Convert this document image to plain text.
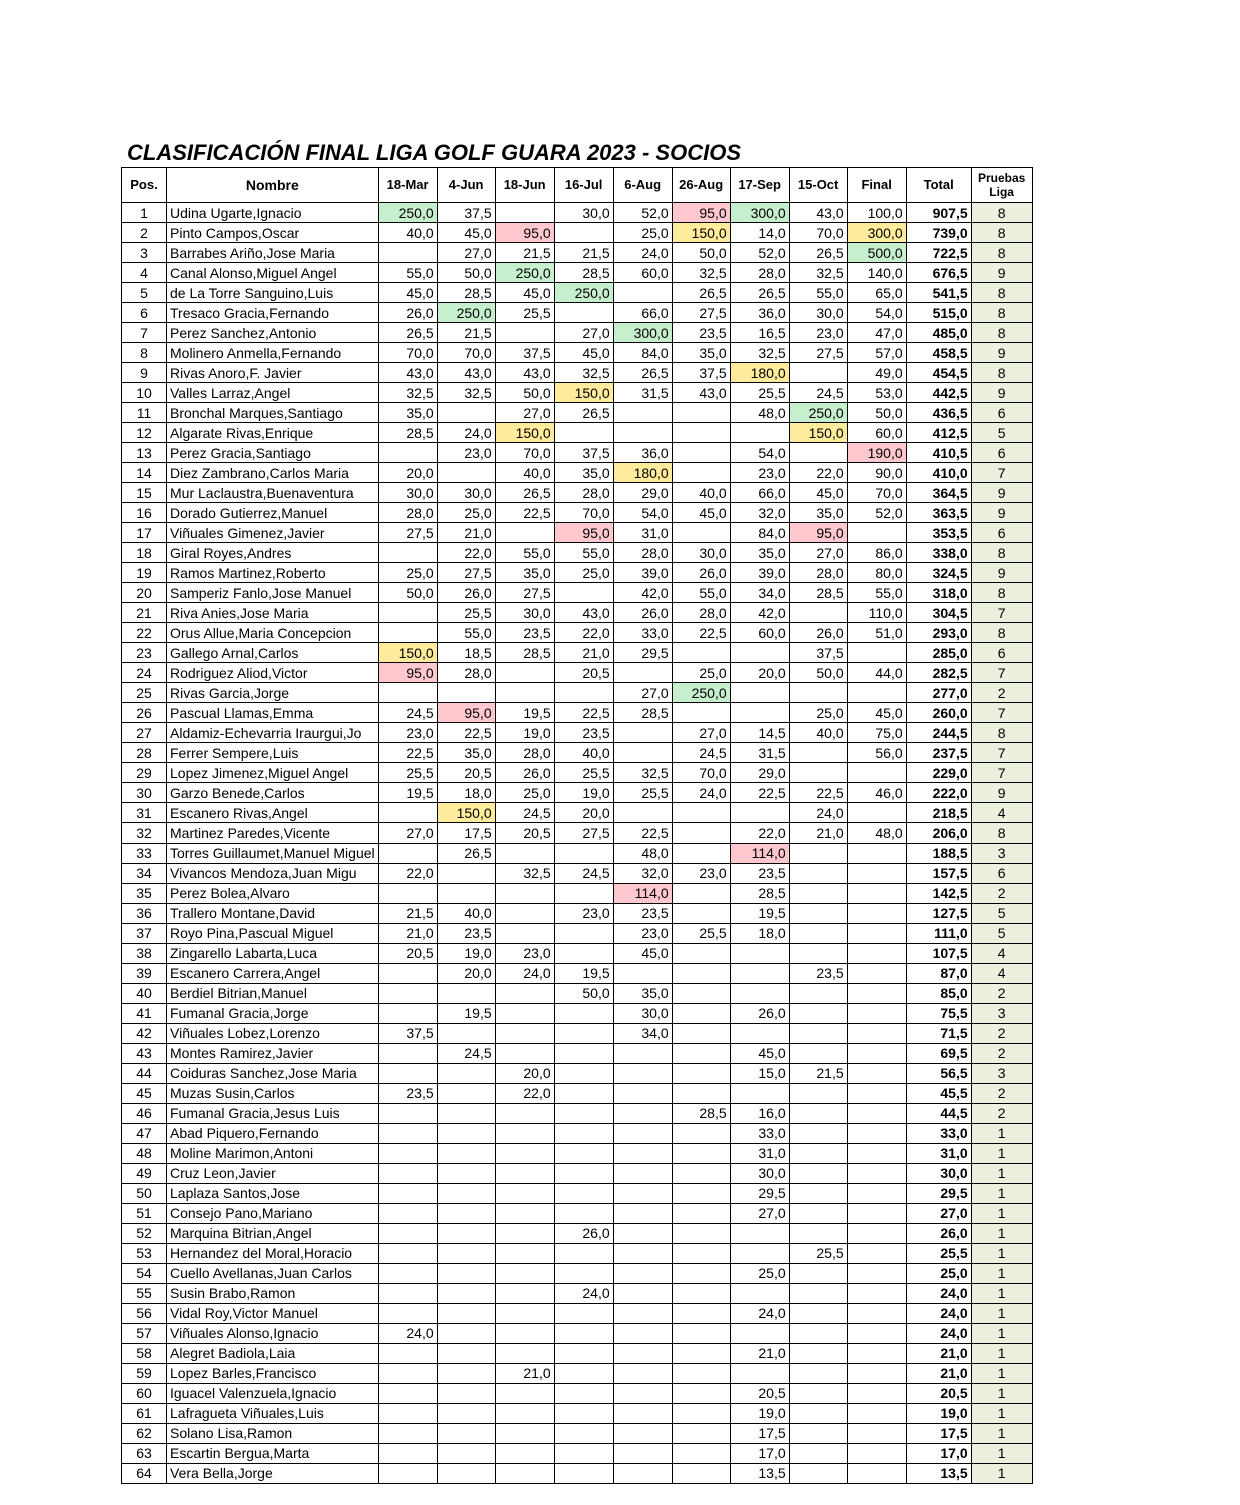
CLASIFICACIÓN FINAL LIGA GOLF GUARA 2023 - SOCIOS
Pos.	Nombre	18-Mar	4-Jun	18-Jun	16-Jul	6-Aug	26-Aug	17-Sep	15-Oct	Final	Total	Pruebas
Liga
1	Udina Ugarte,Ignacio	250,0	37,5		30,0	52,0	95,0	300,0	43,0	100,0	907,5	8
2	Pinto Campos,Oscar	40,0	45,0	95,0		25,0	150,0	14,0	70,0	300,0	739,0	8
3	Barrabes Ariño,Jose Maria		27,0	21,5	21,5	24,0	50,0	52,0	26,5	500,0	722,5	8
4	Canal Alonso,Miguel Angel	55,0	50,0	250,0	28,5	60,0	32,5	28,0	32,5	140,0	676,5	9
5	de La Torre Sanguino,Luis	45,0	28,5	45,0	250,0		26,5	26,5	55,0	65,0	541,5	8
6	Tresaco Gracia,Fernando	26,0	250,0	25,5		66,0	27,5	36,0	30,0	54,0	515,0	8
7	Perez Sanchez,Antonio	26,5	21,5		27,0	300,0	23,5	16,5	23,0	47,0	485,0	8
8	Molinero Anmella,Fernando	70,0	70,0	37,5	45,0	84,0	35,0	32,5	27,5	57,0	458,5	9
9	Rivas Anoro,F. Javier	43,0	43,0	43,0	32,5	26,5	37,5	180,0		49,0	454,5	8
10	Valles Larraz,Angel	32,5	32,5	50,0	150,0	31,5	43,0	25,5	24,5	53,0	442,5	9
11	Bronchal Marques,Santiago	35,0		27,0	26,5			48,0	250,0	50,0	436,5	6
12	Algarate Rivas,Enrique	28,5	24,0	150,0					150,0	60,0	412,5	5
13	Perez Gracia,Santiago		23,0	70,0	37,5	36,0		54,0		190,0	410,5	6
14	Diez Zambrano,Carlos Maria	20,0		40,0	35,0	180,0		23,0	22,0	90,0	410,0	7
15	Mur Laclaustra,Buenaventura	30,0	30,0	26,5	28,0	29,0	40,0	66,0	45,0	70,0	364,5	9
16	Dorado Gutierrez,Manuel	28,0	25,0	22,5	70,0	54,0	45,0	32,0	35,0	52,0	363,5	9
17	Viñuales Gimenez,Javier	27,5	21,0		95,0	31,0		84,0	95,0		353,5	6
18	Giral Royes,Andres		22,0	55,0	55,0	28,0	30,0	35,0	27,0	86,0	338,0	8
19	Ramos Martinez,Roberto	25,0	27,5	35,0	25,0	39,0	26,0	39,0	28,0	80,0	324,5	9
20	Samperiz Fanlo,Jose Manuel	50,0	26,0	27,5		42,0	55,0	34,0	28,5	55,0	318,0	8
21	Riva Anies,Jose Maria		25,5	30,0	43,0	26,0	28,0	42,0		110,0	304,5	7
22	Orus Allue,Maria Concepcion		55,0	23,5	22,0	33,0	22,5	60,0	26,0	51,0	293,0	8
23	Gallego Arnal,Carlos	150,0	18,5	28,5	21,0	29,5			37,5		285,0	6
24	Rodriguez Aliod,Victor	95,0	28,0		20,5		25,0	20,0	50,0	44,0	282,5	7
25	Rivas Garcia,Jorge					27,0	250,0				277,0	2
26	Pascual Llamas,Emma	24,5	95,0	19,5	22,5	28,5			25,0	45,0	260,0	7
27	Aldamiz-Echevarria Iraurgui,Jo	23,0	22,5	19,0	23,5		27,0	14,5	40,0	75,0	244,5	8
28	Ferrer Sempere,Luis	22,5	35,0	28,0	40,0		24,5	31,5		56,0	237,5	7
29	Lopez Jimenez,Miguel Angel	25,5	20,5	26,0	25,5	32,5	70,0	29,0			229,0	7
30	Garzo Benede,Carlos	19,5	18,0	25,0	19,0	25,5	24,0	22,5	22,5	46,0	222,0	9
31	Escanero Rivas,Angel		150,0	24,5	20,0				24,0		218,5	4
32	Martinez Paredes,Vicente	27,0	17,5	20,5	27,5	22,5		22,0	21,0	48,0	206,0	8
33	Torres Guillaumet,Manuel Miguel		26,5			48,0		114,0			188,5	3
34	Vivancos Mendoza,Juan Migu	22,0		32,5	24,5	32,0	23,0	23,5			157,5	6
35	Perez Bolea,Alvaro					114,0		28,5			142,5	2
36	Trallero Montane,David	21,5	40,0		23,0	23,5		19,5			127,5	5
37	Royo Pina,Pascual Miguel	21,0	23,5			23,0	25,5	18,0			111,0	5
38	Zingarello Labarta,Luca	20,5	19,0	23,0		45,0					107,5	4
39	Escanero Carrera,Angel		20,0	24,0	19,5				23,5		87,0	4
40	Berdiel Bitrian,Manuel				50,0	35,0					85,0	2
41	Fumanal Gracia,Jorge		19,5			30,0		26,0			75,5	3
42	Viñuales Lobez,Lorenzo	37,5				34,0					71,5	2
43	Montes Ramirez,Javier		24,5					45,0			69,5	2
44	Coiduras Sanchez,Jose Maria			20,0				15,0	21,5		56,5	3
45	Muzas Susin,Carlos	23,5		22,0							45,5	2
46	Fumanal Gracia,Jesus Luis						28,5	16,0			44,5	2
47	Abad Piquero,Fernando							33,0			33,0	1
48	Moline Marimon,Antoni							31,0			31,0	1
49	Cruz Leon,Javier							30,0			30,0	1
50	Laplaza Santos,Jose							29,5			29,5	1
51	Consejo Pano,Mariano							27,0			27,0	1
52	Marquina Bitrian,Angel				26,0						26,0	1
53	Hernandez del Moral,Horacio								25,5		25,5	1
54	Cuello Avellanas,Juan Carlos							25,0			25,0	1
55	Susin Brabo,Ramon				24,0						24,0	1
56	Vidal Roy,Victor Manuel							24,0			24,0	1
57	Viñuales Alonso,Ignacio	24,0									24,0	1
58	Alegret Badiola,Laia							21,0			21,0	1
59	Lopez Barles,Francisco			21,0							21,0	1
60	Iguacel Valenzuela,Ignacio							20,5			20,5	1
61	Lafragueta Viñuales,Luis							19,0			19,0	1
62	Solano Lisa,Ramon							17,5			17,5	1
63	Escartin Bergua,Marta							17,0			17,0	1
64	Vera Bella,Jorge							13,5			13,5	1
